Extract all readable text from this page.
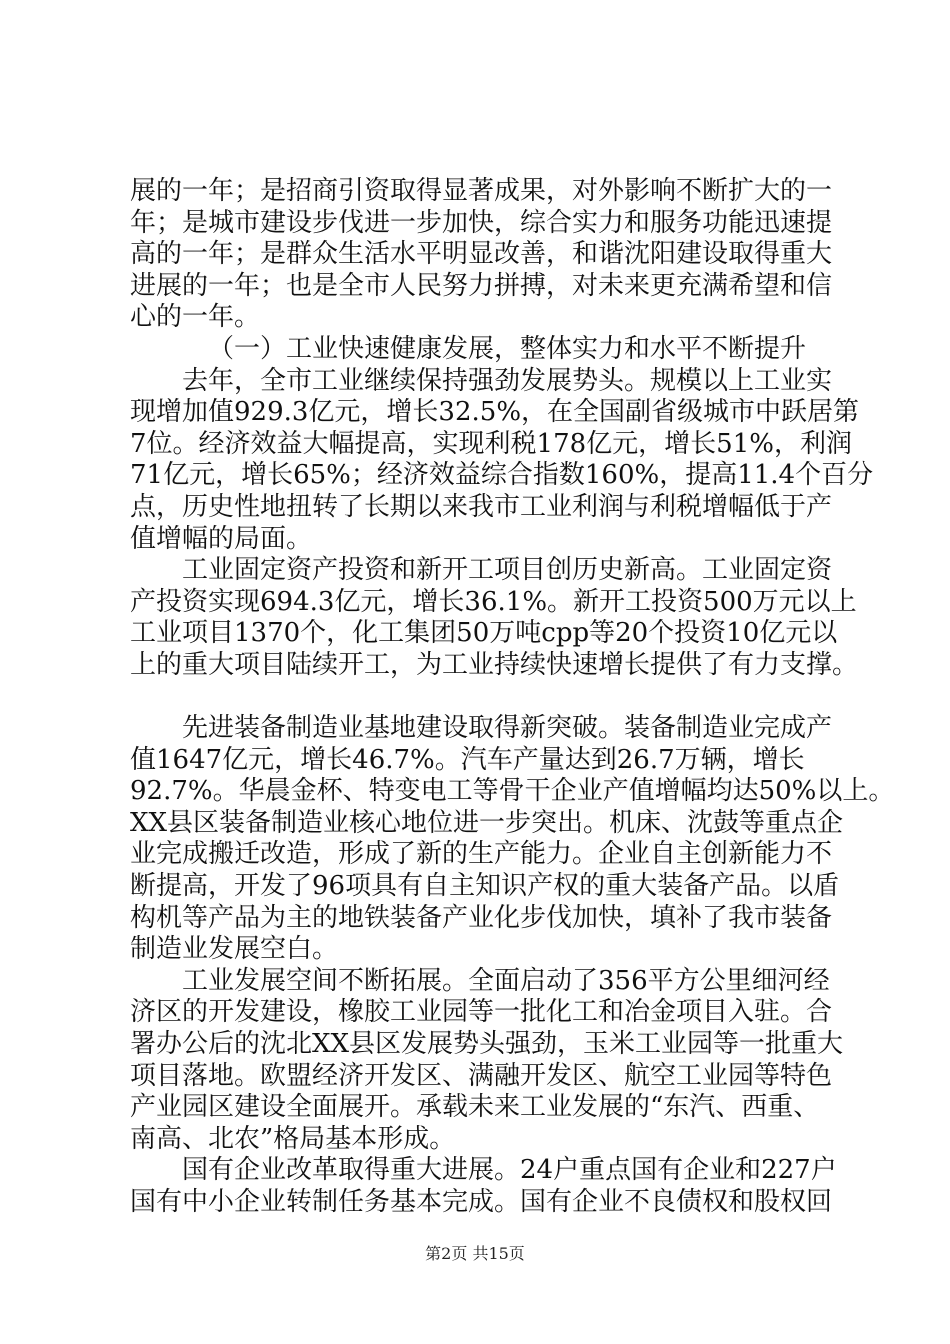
展的一年；是招商引资取得显著成果，对外影响不断扩大的一
年；是城市建设步伐进一步加快，综合实力和服务功能迅速提
高的一年；是群众生活水平明显改善，和谐沈阳建设取得重大
进展的一年；也是全市人民努力拼搏，对未来更充满希望和信
心的一年。
（一）工业快速健康发展，整体实力和水平不断提升
去年，全市工业继续保持强劲发展势头。规模以上工业实
现增加值929.3亿元，增长32.5%，在全国副省级城市中跃居第
7位。经济效益大幅提高，实现利税178亿元，增长51%，利润
71亿元，增长65%；经济效益综合指数160%，提高11.4个百分
点，历史性地扭转了长期以来我市工业利润与利税增幅低于产
值增幅的局面。
工业固定资产投资和新开工项目创历史新高。工业固定资
产投资实现694.3亿元，增长36.1%。新开工投资500万元以上
工业项目1370个，化工集团50万吨cpp等20个投资10亿元以
上的重大项目陆续开工，为工业持续快速增长提供了有力支撑。
先进装备制造业基地建设取得新突破。装备制造业完成产
值1647亿元，增长46.7%。汽车产量达到26.7万辆，增长
92.7%。华晨金杯、特变电工等骨干企业产值增幅均达50%以上。
XX县区装备制造业核心地位进一步突出。机床、沈鼓等重点企
业完成搬迁改造，形成了新的生产能力。企业自主创新能力不
断提高，开发了96项具有自主知识产权的重大装备产品。以盾
构机等产品为主的地铁装备产业化步伐加快，填补了我市装备
制造业发展空白。
工业发展空间不断拓展。全面启动了356平方公里细河经
济区的开发建设，橡胶工业园等一批化工和冶金项目入驻。合
署办公后的沈北XX县区发展势头强劲，玉米工业园等一批重大
项目落地。欧盟经济开发区、满融开发区、航空工业园等特色
产业园区建设全面展开。承载未来工业发展的“东汽、西重、
南高、北农”格局基本形成。
国有企业改革取得重大进展。24户重点国有企业和227户
国有中小企业转制任务基本完成。国有企业不良债权和股权回
第2页 共15页
